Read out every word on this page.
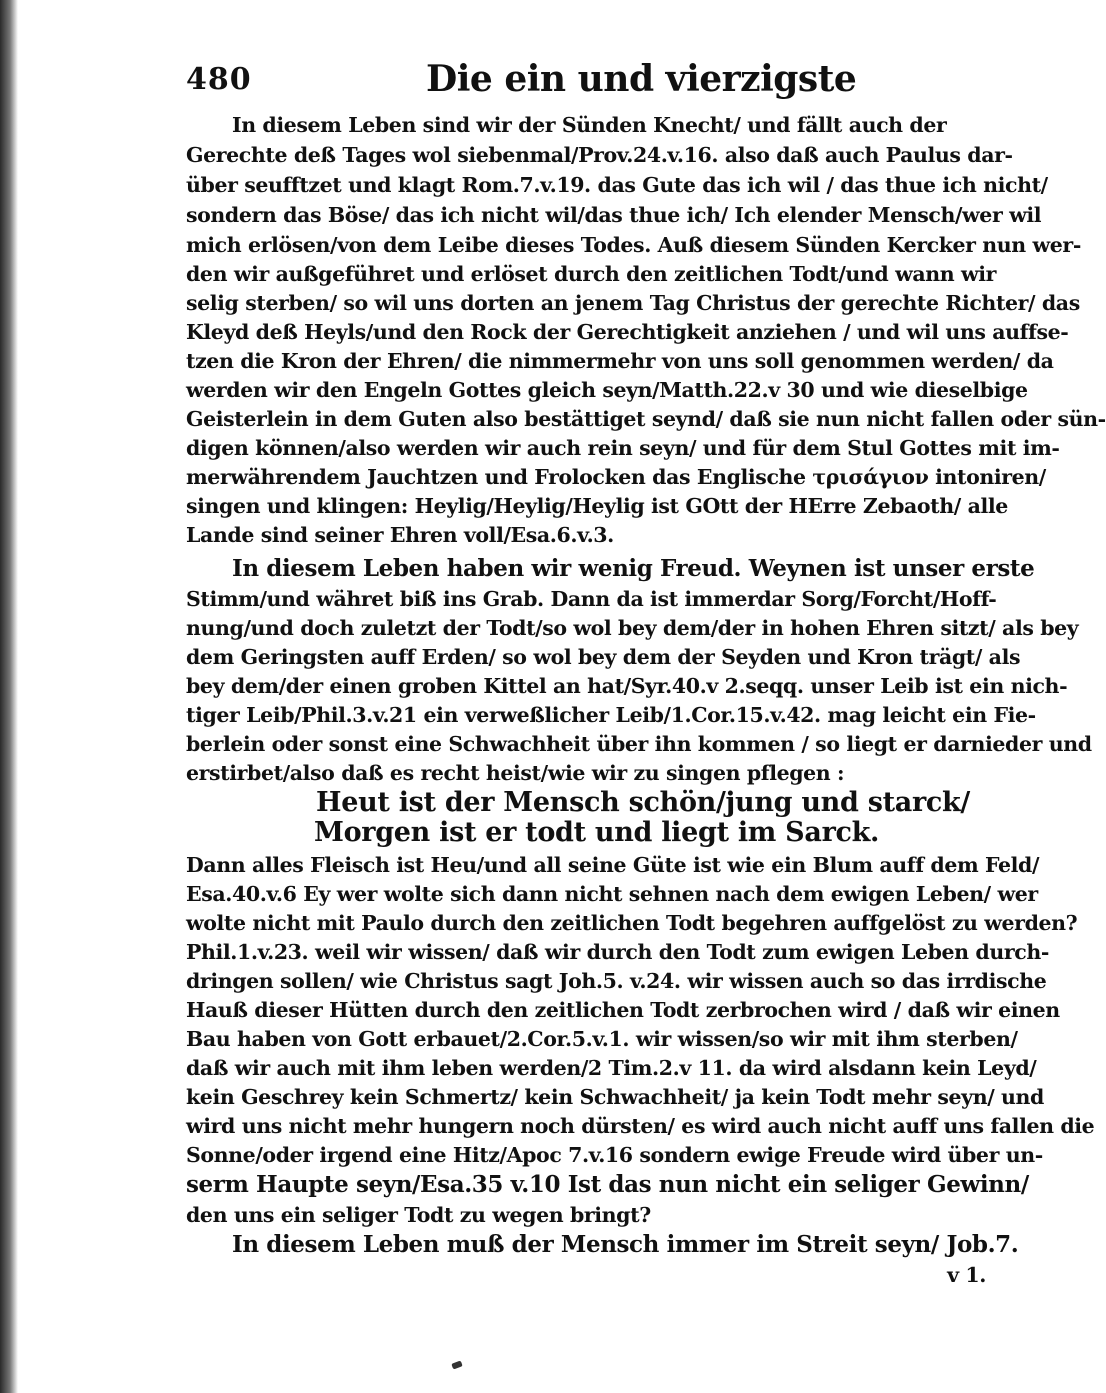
480	Die ein und vierzigste
In diesem Leben sind wir der Sünden Knecht/ und fällt auch der
Gerechte deß Tages wol siebenmal/Prov.24.v.16. also daß auch Paulus dar-
über seufftzet und klagt Rom.7.v.19. das Gute das ich wil / das thue ich nicht/
sondern das Böse/ das ich nicht wil/das thue ich/ Ich elender Mensch/wer wil
mich erlösen/von dem Leibe dieses Todes. Auß diesem Sünden Kercker nun wer-
den wir außgeführet und erlöset durch den zeitlichen Todt/und wann wir
selig sterben/ so wil uns dorten an jenem Tag Christus der gerechte Richter/ das
Kleyd deß Heyls/und den Rock der Gerechtigkeit anziehen / und wil uns auffse-
tzen die Kron der Ehren/ die nimmermehr von uns soll genommen werden/ da
werden wir den Engeln Gottes gleich seyn/Matth.22.v 30 und wie dieselbige
Geisterlein in dem Guten also bestättiget seynd/ daß sie nun nicht fallen oder sün-
digen können/also werden wir auch rein seyn/ und für dem Stul Gottes mit im-
merwährendem Jauchtzen und Frolocken das Englische τρισάγιον intoniren/
singen und klingen: Heylig/Heylig/Heylig ist GOtt der HErre Zebaoth/ alle
Lande sind seiner Ehren voll/Esa.6.v.3.
In diesem Leben haben wir wenig Freud. Weynen ist unser erste
Stimm/und währet biß ins Grab. Dann da ist immerdar Sorg/Forcht/Hoff-
nung/und doch zuletzt der Todt/so wol bey dem/der in hohen Ehren sitzt/ als bey
dem Geringsten auff Erden/ so wol bey dem der Seyden und Kron trägt/ als
bey dem/der einen groben Kittel an hat/Syr.40.v 2.seqq. unser Leib ist ein nich-
tiger Leib/Phil.3.v.21 ein verweßlicher Leib/1.Cor.15.v.42. mag leicht ein Fie-
berlein oder sonst eine Schwachheit über ihn kommen / so liegt er darnieder und
erstirbet/also daß es recht heist/wie wir zu singen pflegen :
Heut ist der Mensch schön/jung und starck/
Morgen ist er todt und liegt im Sarck.
Dann alles Fleisch ist Heu/und all seine Güte ist wie ein Blum auff dem Feld/
Esa.40.v.6 Ey wer wolte sich dann nicht sehnen nach dem ewigen Leben/ wer
wolte nicht mit Paulo durch den zeitlichen Todt begehren auffgelöst zu werden?
Phil.1.v.23. weil wir wissen/ daß wir durch den Todt zum ewigen Leben durch-
dringen sollen/ wie Christus sagt Joh.5. v.24. wir wissen auch so das irrdische
Hauß dieser Hütten durch den zeitlichen Todt zerbrochen wird / daß wir einen
Bau haben von Gott erbauet/2.Cor.5.v.1. wir wissen/so wir mit ihm sterben/
daß wir auch mit ihm leben werden/2 Tim.2.v 11. da wird alsdann kein Leyd/
kein Geschrey kein Schmertz/ kein Schwachheit/ ja kein Todt mehr seyn/ und
wird uns nicht mehr hungern noch dürsten/ es wird auch nicht auff uns fallen die
Sonne/oder irgend eine Hitz/Apoc 7.v.16 sondern ewige Freude wird über un-
serm Haupte seyn/Esa.35 v.10 Ist das nun nicht ein seliger Gewinn/
den uns ein seliger Todt zu wegen bringt?
In diesem Leben muß der Mensch immer im Streit seyn/ Job.7.
v 1.
